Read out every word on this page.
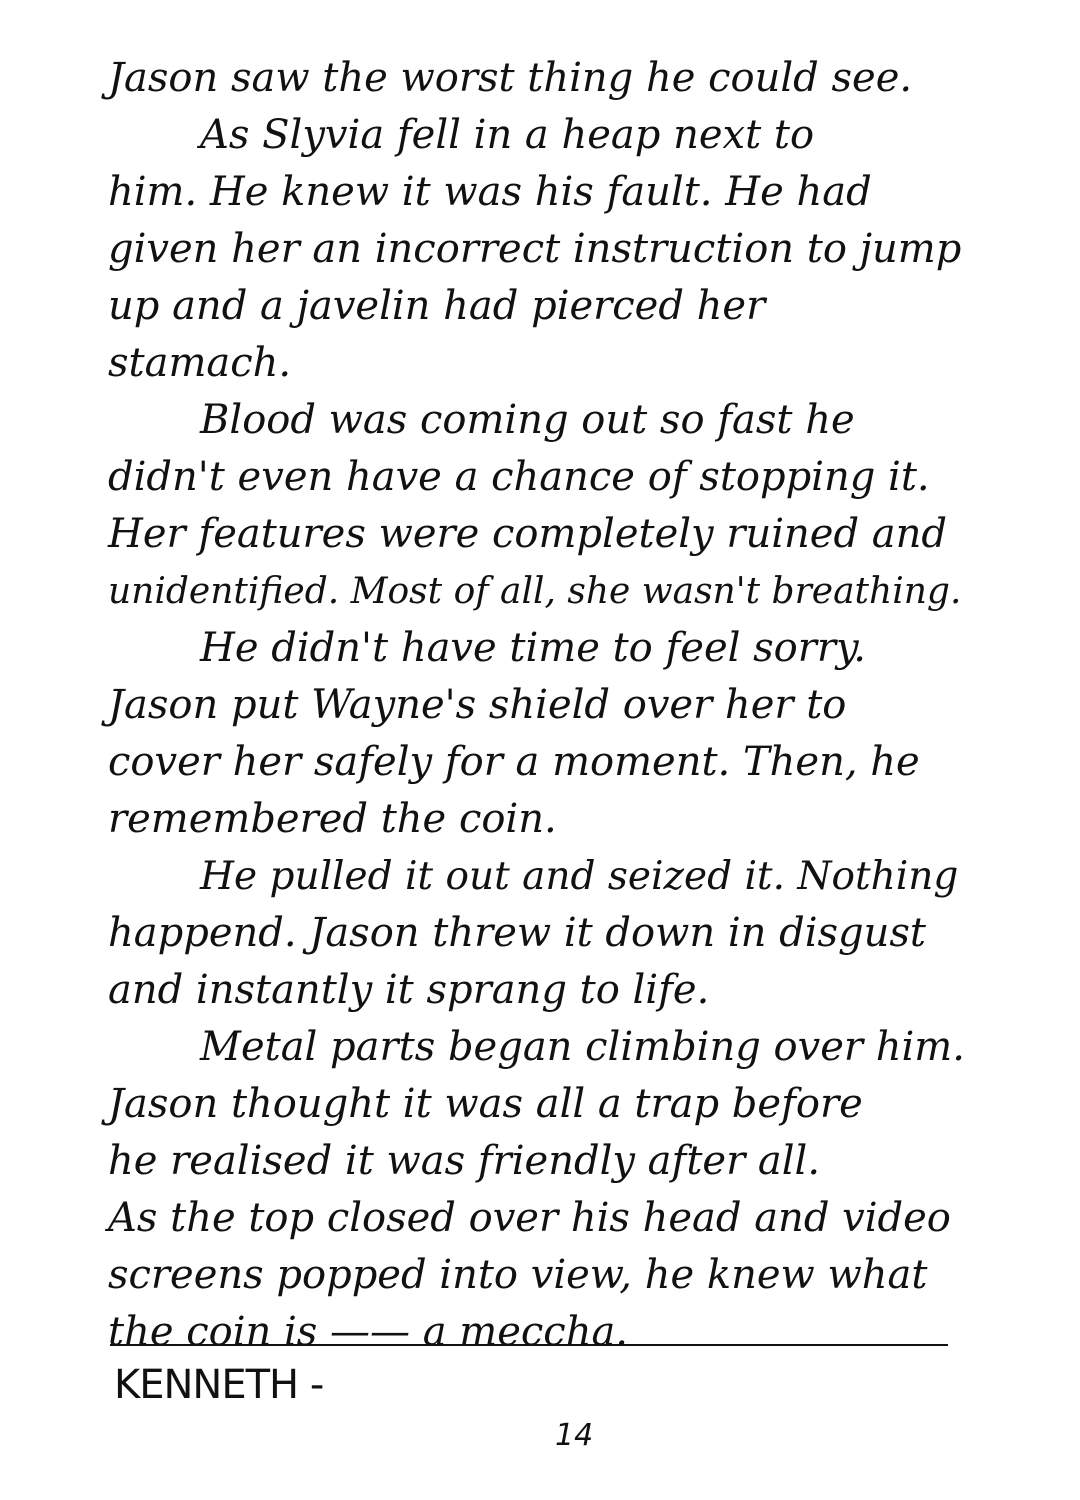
Jason saw the worst thing he could see.
As Slyvia fell in a heap next to
him. He knew it was his fault. He had
given her an incorrect instruction to jump
up and a javelin had pierced her
stamach.
Blood was coming out so fast he
didn't even have a chance of stopping it.
Her features were completely ruined and
unidentified. Most of all, she wasn't breathing.
He didn't have time to feel sorry.
Jason put Wayne's shield over her to
cover her safely for a moment. Then, he
remembered the coin.
He pulled it out and seized it. Nothing
happend. Jason threw it down in disgust
and instantly it sprang to life.
Metal parts began climbing over him.
Jason thought it was all a trap before
he realised it was friendly after all.
As the top closed over his head and video
screens popped into view, he knew what
the coin is —— a meccha.
KENNETH -
14
